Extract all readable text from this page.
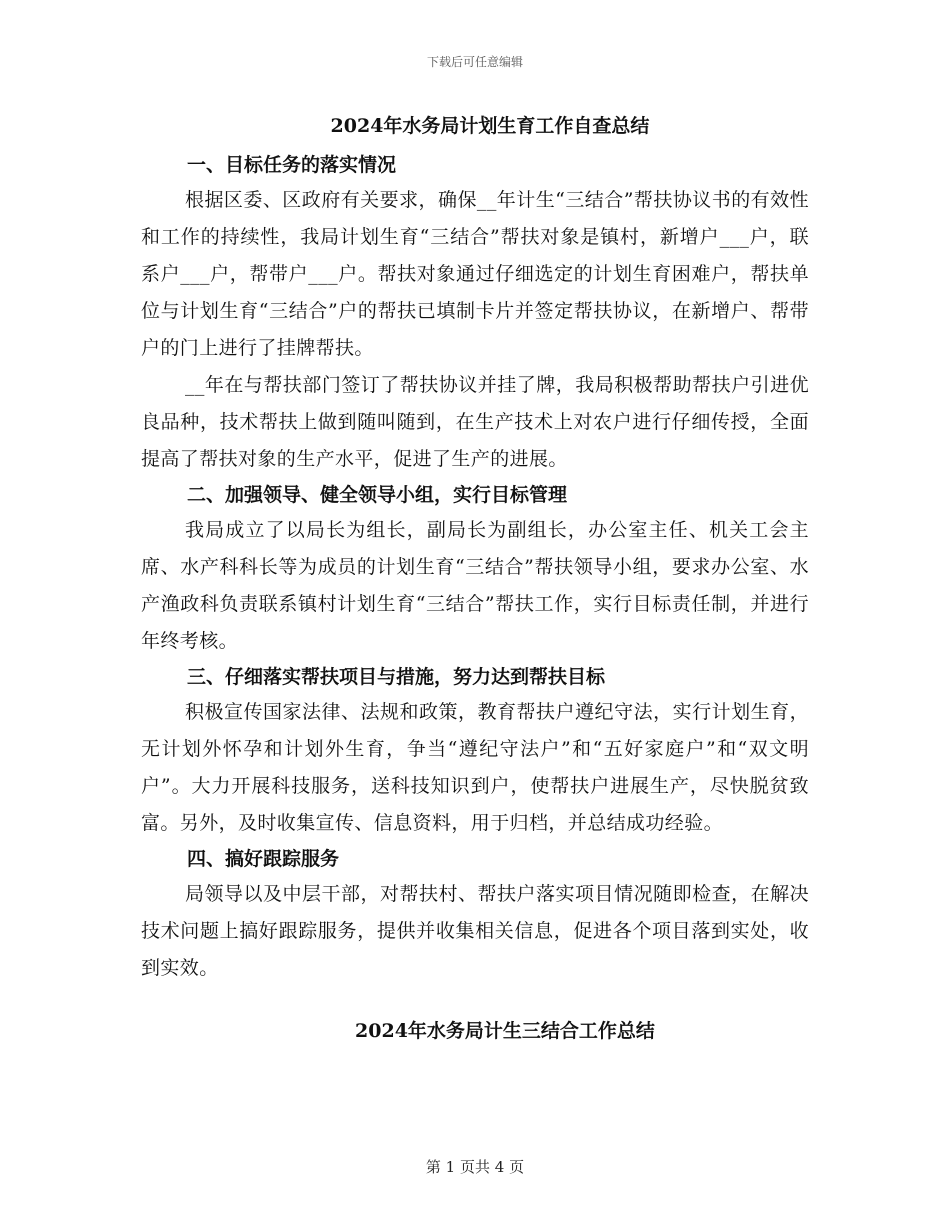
下载后可任意编辑
2024年水务局计划生育工作自查总结
一、目标任务的落实情况

根据区委、区政府有关要求，确保__年计生“三结合”帮扶协议书的有效性和工作的持续性，我局计划生育“三结合”帮扶对象是镇村，新增户___户，联系户___户，帮带户___户。帮扶对象通过仔细选定的计划生育困难户，帮扶单位与计划生育“三结合”户的帮扶已填制卡片并签定帮扶协议，在新增户、帮带户的门上进行了挂牌帮扶。

__年在与帮扶部门签订了帮扶协议并挂了牌，我局积极帮助帮扶户引进优良品种，技术帮扶上做到随叫随到，在生产技术上对农户进行仔细传授，全面提高了帮扶对象的生产水平，促进了生产的进展。

二、加强领导、健全领导小组，实行目标管理

我局成立了以局长为组长，副局长为副组长，办公室主任、机关工会主席、水产科科长等为成员的计划生育“三结合”帮扶领导小组，要求办公室、水产渔政科负责联系镇村计划生育“三结合”帮扶工作，实行目标责任制，并进行年终考核。

三、仔细落实帮扶项目与措施，努力达到帮扶目标

积极宣传国家法律、法规和政策，教育帮扶户遵纪守法，实行计划生育，无计划外怀孕和计划外生育，争当“遵纪守法户”和“五好家庭户”和“双文明户”。大力开展科技服务，送科技知识到户，使帮扶户进展生产，尽快脱贫致富。另外，及时收集宣传、信息资料，用于归档，并总结成功经验。

四、搞好跟踪服务

局领导以及中层干部，对帮扶村、帮扶户落实项目情况随即检查，在解决技术问题上搞好跟踪服务，提供并收集相关信息，促进各个项目落到实处，收到实效。

2024年水务局计生三结合工作总结
第 1 页共 4 页
